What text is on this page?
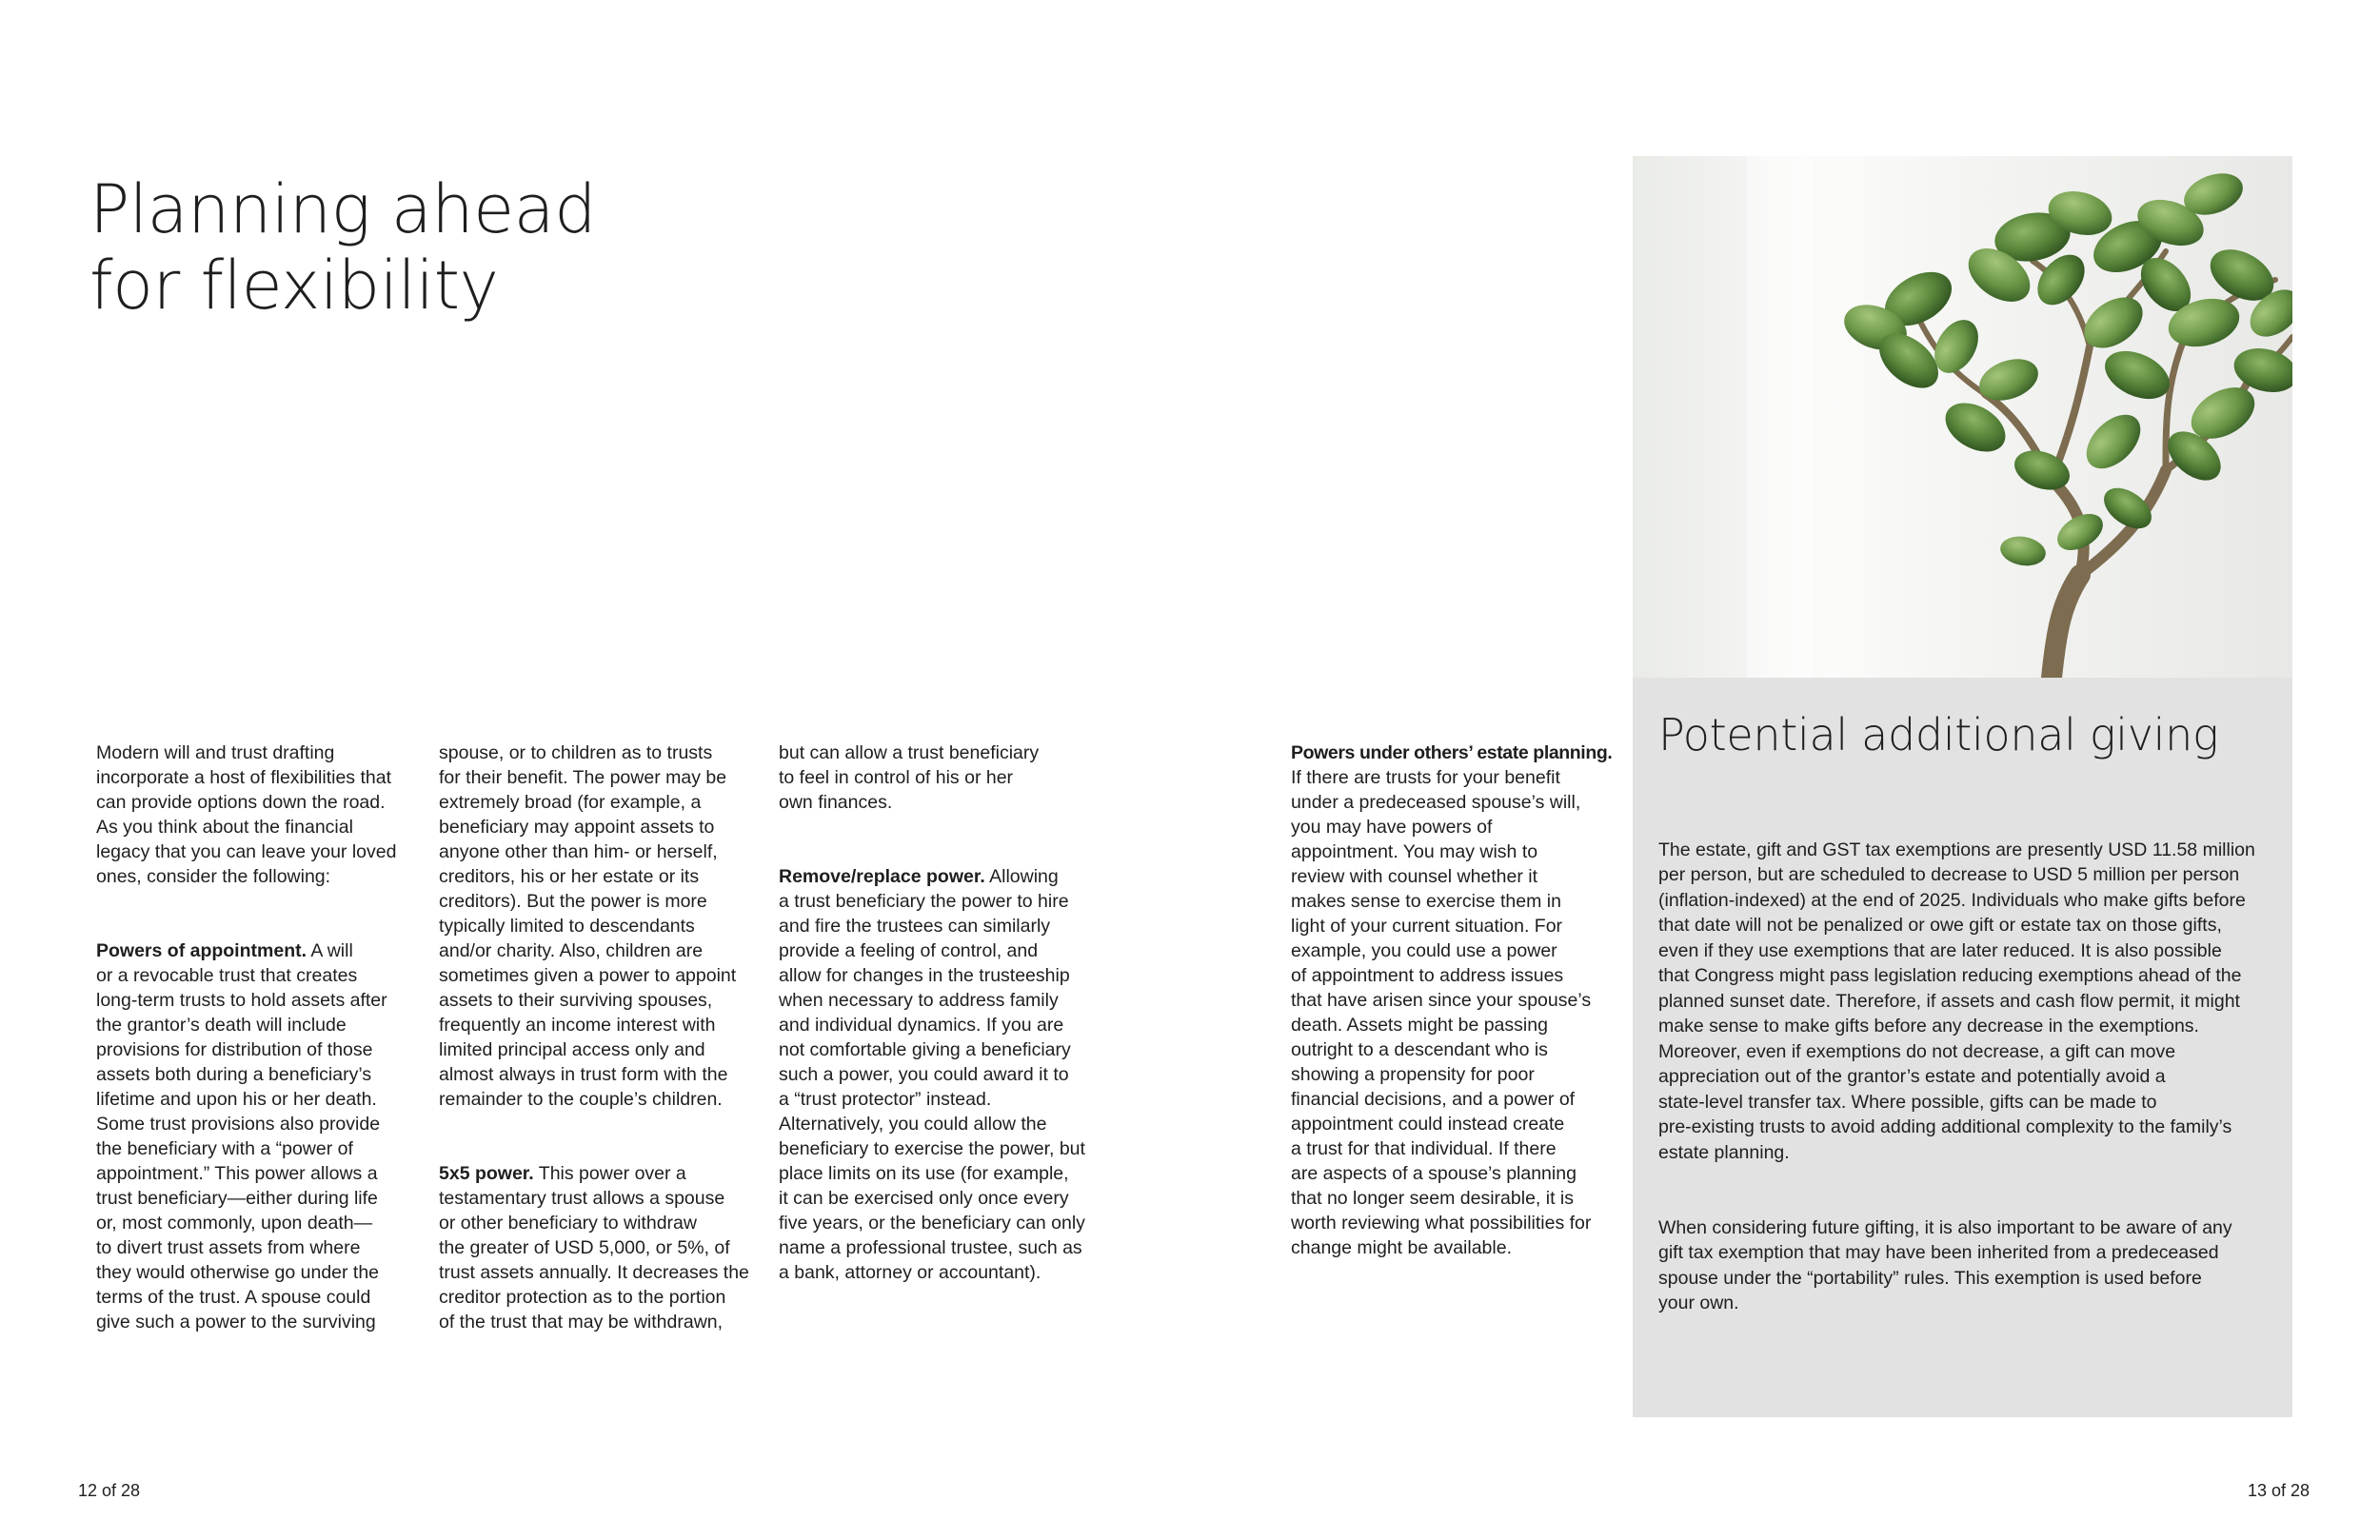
Planning ahead
for flexibility

Modern will and trust drafting
incorporate a host of flexibilities that
can provide options down the road.
As you think about the financial
legacy that you can leave your loved
ones, consider the following:

Powers of appointment. A will
or a revocable trust that creates
long-term trusts to hold assets after
the grantor’s death will include
provisions for distribution of those
assets both during a beneficiary’s
lifetime and upon his or her death.
Some trust provisions also provide
the beneficiary with a “power of
appointment.” This power allows a
trust beneficiary—either during life
or, most commonly, upon death—
to divert trust assets from where
they would otherwise go under the
terms of the trust. A spouse could
give such a power to the surviving

spouse, or to children as to trusts
for their benefit. The power may be
extremely broad (for example, a
beneficiary may appoint assets to
anyone other than him- or herself,
creditors, his or her estate or its
creditors). But the power is more
typically limited to descendants
and/or charity. Also, children are
sometimes given a power to appoint
assets to their surviving spouses,
frequently an income interest with
limited principal access only and
almost always in trust form with the
remainder to the couple’s children.

5x5 power. This power over a
testamentary trust allows a spouse
or other beneficiary to withdraw
the greater of USD 5,000, or 5%, of
trust assets annually. It decreases the
creditor protection as to the portion
of the trust that may be withdrawn,

but can allow a trust beneficiary
to feel in control of his or her
own finances.

Remove/replace power. Allowing
a trust beneficiary the power to hire
and fire the trustees can similarly
provide a feeling of control, and
allow for changes in the trusteeship
when necessary to address family
and individual dynamics. If you are
not comfortable giving a beneficiary
such a power, you could award it to
a “trust protector” instead.
Alternatively, you could allow the
beneficiary to exercise the power, but
place limits on its use (for example,
it can be exercised only once every
five years, or the beneficiary can only
name a professional trustee, such as
a bank, attorney or accountant).

Powers under others’ estate planning.
If there are trusts for your benefit
under a predeceased spouse’s will,
you may have powers of
appointment. You may wish to
review with counsel whether it
makes sense to exercise them in
light of your current situation. For
example, you could use a power
of appointment to address issues
that have arisen since your spouse’s
death. Assets might be passing
outright to a descendant who is
showing a propensity for poor
financial decisions, and a power of
appointment could instead create
a trust for that individual. If there
are aspects of a spouse’s planning
that no longer seem desirable, it is
worth reviewing what possibilities for
change might be available.

Potential additional giving

The estate, gift and GST tax exemptions are presently USD 11.58 million
per person, but are scheduled to decrease to USD 5 million per person
(inflation-indexed) at the end of 2025. Individuals who make gifts before
that date will not be penalized or owe gift or estate tax on those gifts,
even if they use exemptions that are later reduced. It is also possible
that Congress might pass legislation reducing exemptions ahead of the
planned sunset date. Therefore, if assets and cash flow permit, it might
make sense to make gifts before any decrease in the exemptions.
Moreover, even if exemptions do not decrease, a gift can move
appreciation out of the grantor’s estate and potentially avoid a
state-level transfer tax. Where possible, gifts can be made to
pre-existing trusts to avoid adding additional complexity to the family’s
estate planning.

When considering future gifting, it is also important to be aware of any
gift tax exemption that may have been inherited from a predeceased
spouse under the “portability” rules. This exemption is used before
your own.

12 of 28	13 of 28
